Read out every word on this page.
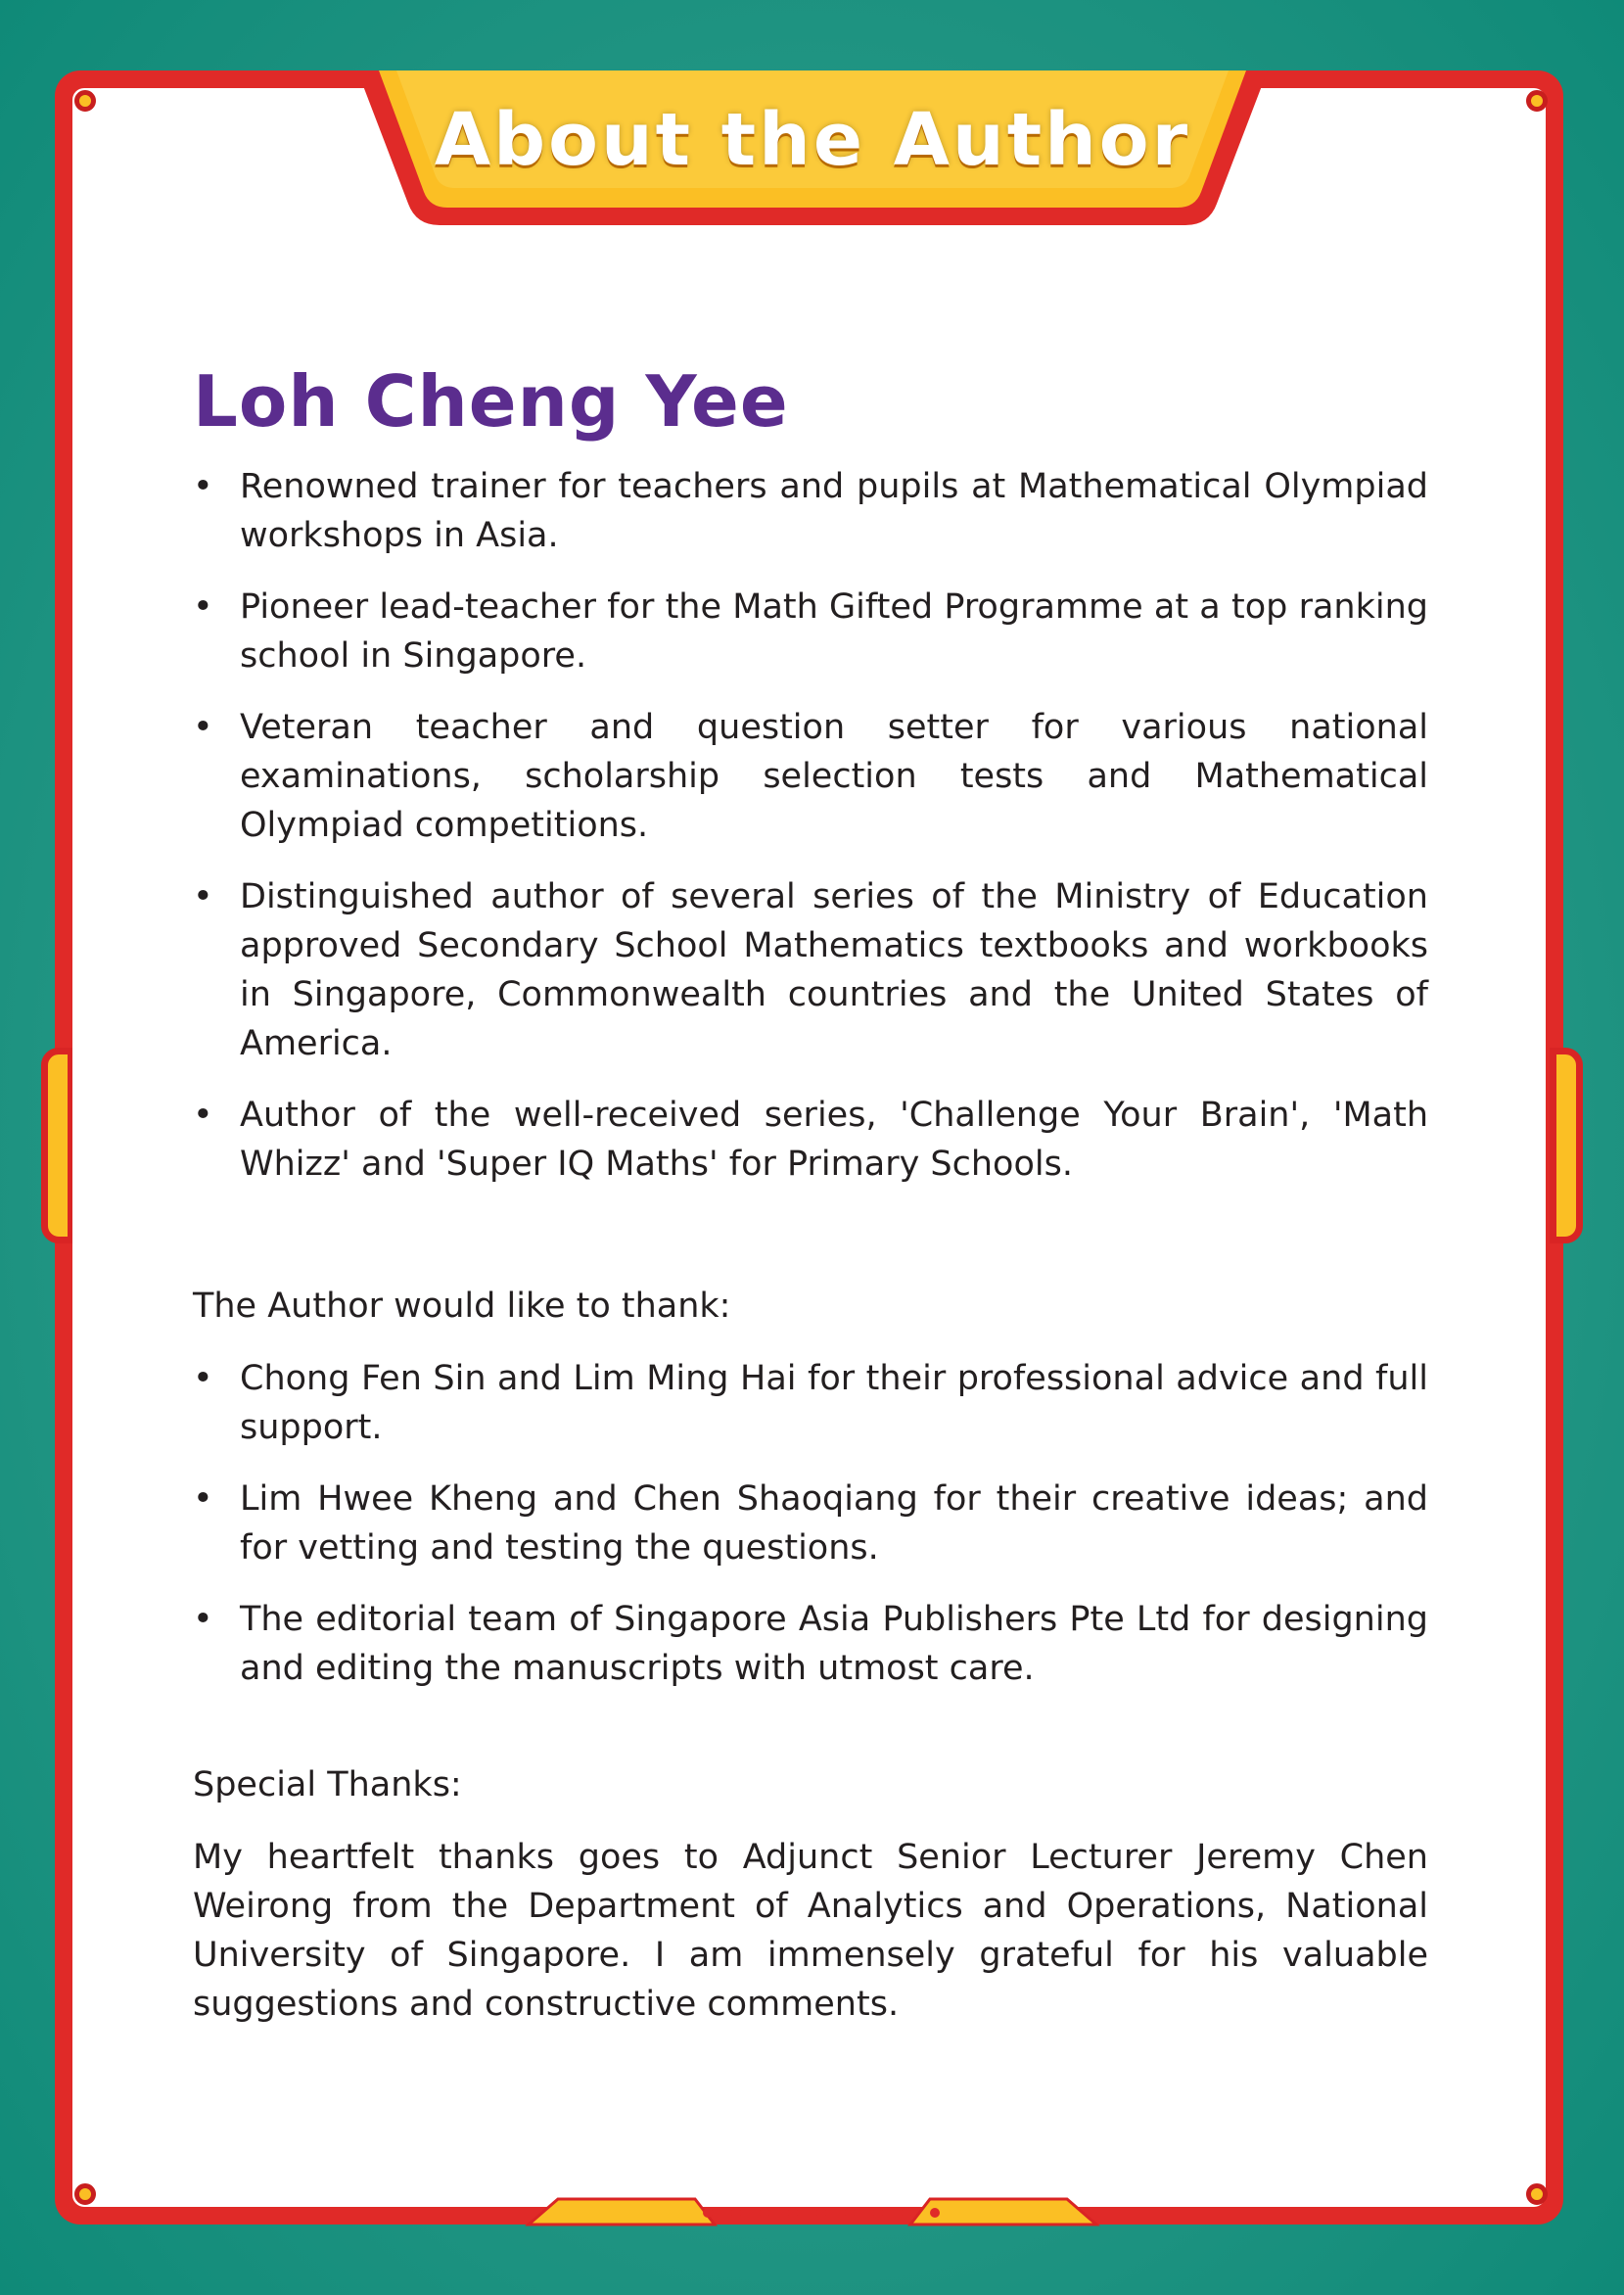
About the Author
Loh Cheng Yee
• Renowned trainer for teachers and pupils at Mathematical Olympiad workshops in Asia.
• Pioneer lead-teacher for the Math Gifted Programme at a top ranking school in Singapore.
• Veteran teacher and question setter for various national examinations, scholarship selection tests and Mathematical Olympiad competitions.
• Distinguished author of several series of the Ministry of Education approved Secondary School Mathematics textbooks and workbooks in Singapore, Commonwealth countries and the United States of America.
• Author of the well-received series, 'Challenge Your Brain', 'Math Whizz' and 'Super IQ Maths' for Primary Schools.

The Author would like to thank:

• Chong Fen Sin and Lim Ming Hai for their professional advice and full support.
• Lim Hwee Kheng and Chen Shaoqiang for their creative ideas; and for vetting and testing the questions.
• The editorial team of Singapore Asia Publishers Pte Ltd for designing and editing the manuscripts with utmost care.

Special Thanks:

My heartfelt thanks goes to Adjunct Senior Lecturer Jeremy Chen Weirong from the Department of Analytics and Operations, National University of Singapore. I am immensely grateful for his valuable suggestions and constructive comments.
